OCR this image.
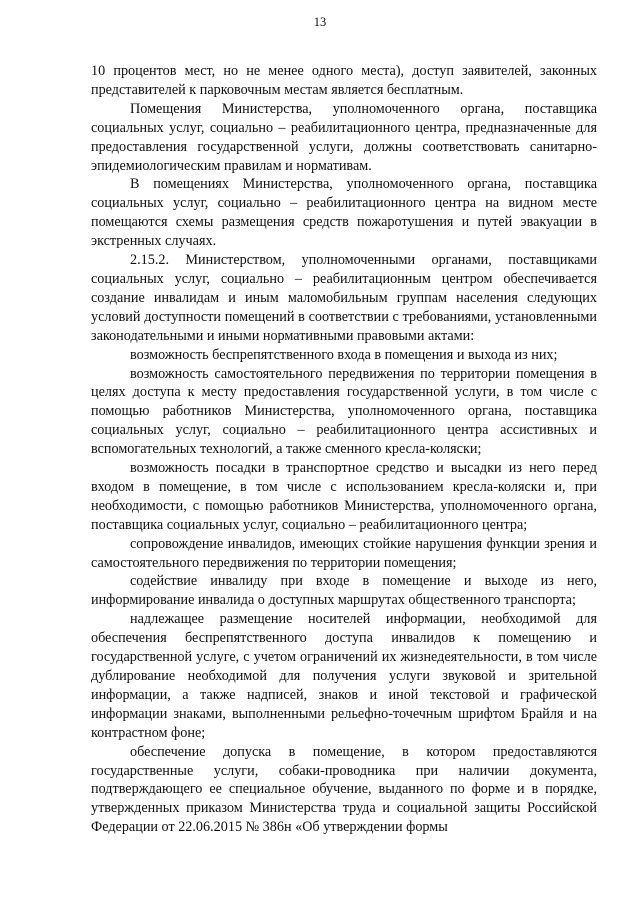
13

10 процентов мест, но не менее одного места), доступ заявителей, законных представителей к парковочным местам является бесплатным.

Помещения Министерства, уполномоченного органа, поставщика социальных услуг, социально – реабилитационного центра, предназначенные для предоставления государственной услуги, должны соответствовать санитарно-эпидемиологическим правилам и нормативам.

В помещениях Министерства, уполномоченного органа, поставщика социальных услуг, социально – реабилитационного центра на видном месте помещаются схемы размещения средств пожаротушения и путей эвакуации в экстренных случаях.

2.15.2. Министерством, уполномоченными органами, поставщиками социальных услуг, социально – реабилитационным центром обеспечивается создание инвалидам и иным маломобильным группам населения следующих условий доступности помещений в соответствии с требованиями, установленными законодательными и иными нормативными правовыми актами:

возможность беспрепятственного входа в помещения и выхода из них;

возможность самостоятельного передвижения по территории помещения в целях доступа к месту предоставления государственной услуги, в том числе с помощью работников Министерства, уполномоченного органа, поставщика социальных услуг, социально – реабилитационного центра ассистивных и вспомогательных технологий, а также сменного кресла-коляски;

возможность посадки в транспортное средство и высадки из него перед входом в помещение, в том числе с использованием кресла-коляски и, при необходимости, с помощью работников Министерства, уполномоченного органа, поставщика социальных услуг, социально – реабилитационного центра;

сопровождение инвалидов, имеющих стойкие нарушения функции зрения и самостоятельного передвижения по территории помещения;

содействие инвалиду при входе в помещение и выходе из него, информирование инвалида о доступных маршрутах общественного транспорта;

надлежащее размещение носителей информации, необходимой для обеспечения беспрепятственного доступа инвалидов к помещению и государственной услуге, с учетом ограничений их жизнедеятельности, в том числе дублирование необходимой для получения услуги звуковой и зрительной информации, а также надписей, знаков и иной текстовой и графической информации знаками, выполненными рельефно-точечным шрифтом Брайля и на контрастном фоне;

обеспечение допуска в помещение, в котором предоставляются государственные услуги, собаки-проводника при наличии документа, подтверждающего ее специальное обучение, выданного по форме и в порядке, утвержденных приказом Министерства труда и социальной защиты Российской Федерации от 22.06.2015 № 386н «Об утверждении формы
